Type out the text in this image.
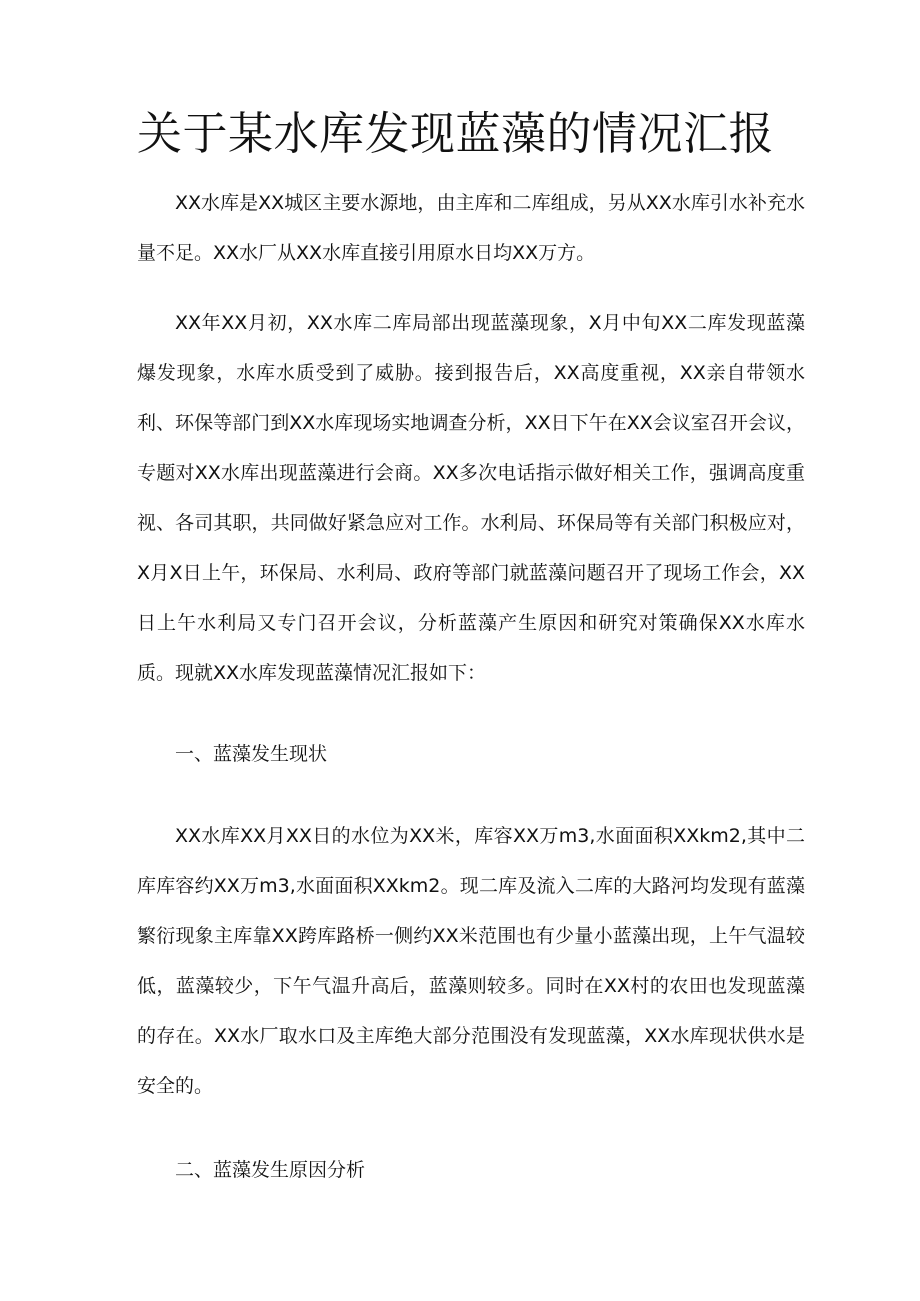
关于某水库发现蓝藻的情况汇报

XX水库是XX城区主要水源地，由主库和二库组成，另从XX水库引水补充水量不足。XX水厂从XX水库直接引用原水日均XX万方。

XX年XX月初，XX水库二库局部出现蓝藻现象，X月中旬XX二库发现蓝藻爆发现象，水库水质受到了威胁。接到报告后，XX高度重视，XX亲自带领水利、环保等部门到XX水库现场实地调查分析，XX日下午在XX会议室召开会议，专题对XX水库出现蓝藻进行会商。XX多次电话指示做好相关工作，强调高度重视、各司其职，共同做好紧急应对工作。水利局、环保局等有关部门积极应对，X月X日上午，环保局、水利局、政府等部门就蓝藻问题召开了现场工作会，XX日上午水利局又专门召开会议，分析蓝藻产生原因和研究对策确保XX水库水质。现就XX水库发现蓝藻情况汇报如下：

一、蓝藻发生现状

XX水库XX月XX日的水位为XX米，库容XX万m3,水面面积XXkm2,其中二库库容约XX万m3,水面面积XXkm2。现二库及流入二库的大路河均发现有蓝藻繁衍现象主库靠XX跨库路桥一侧约XX米范围也有少量小蓝藻出现，上午气温较低，蓝藻较少，下午气温升高后，蓝藻则较多。同时在XX村的农田也发现蓝藻的存在。XX水厂取水口及主库绝大部分范围没有发现蓝藻，XX水库现状供水是安全的。

二、蓝藻发生原因分析
